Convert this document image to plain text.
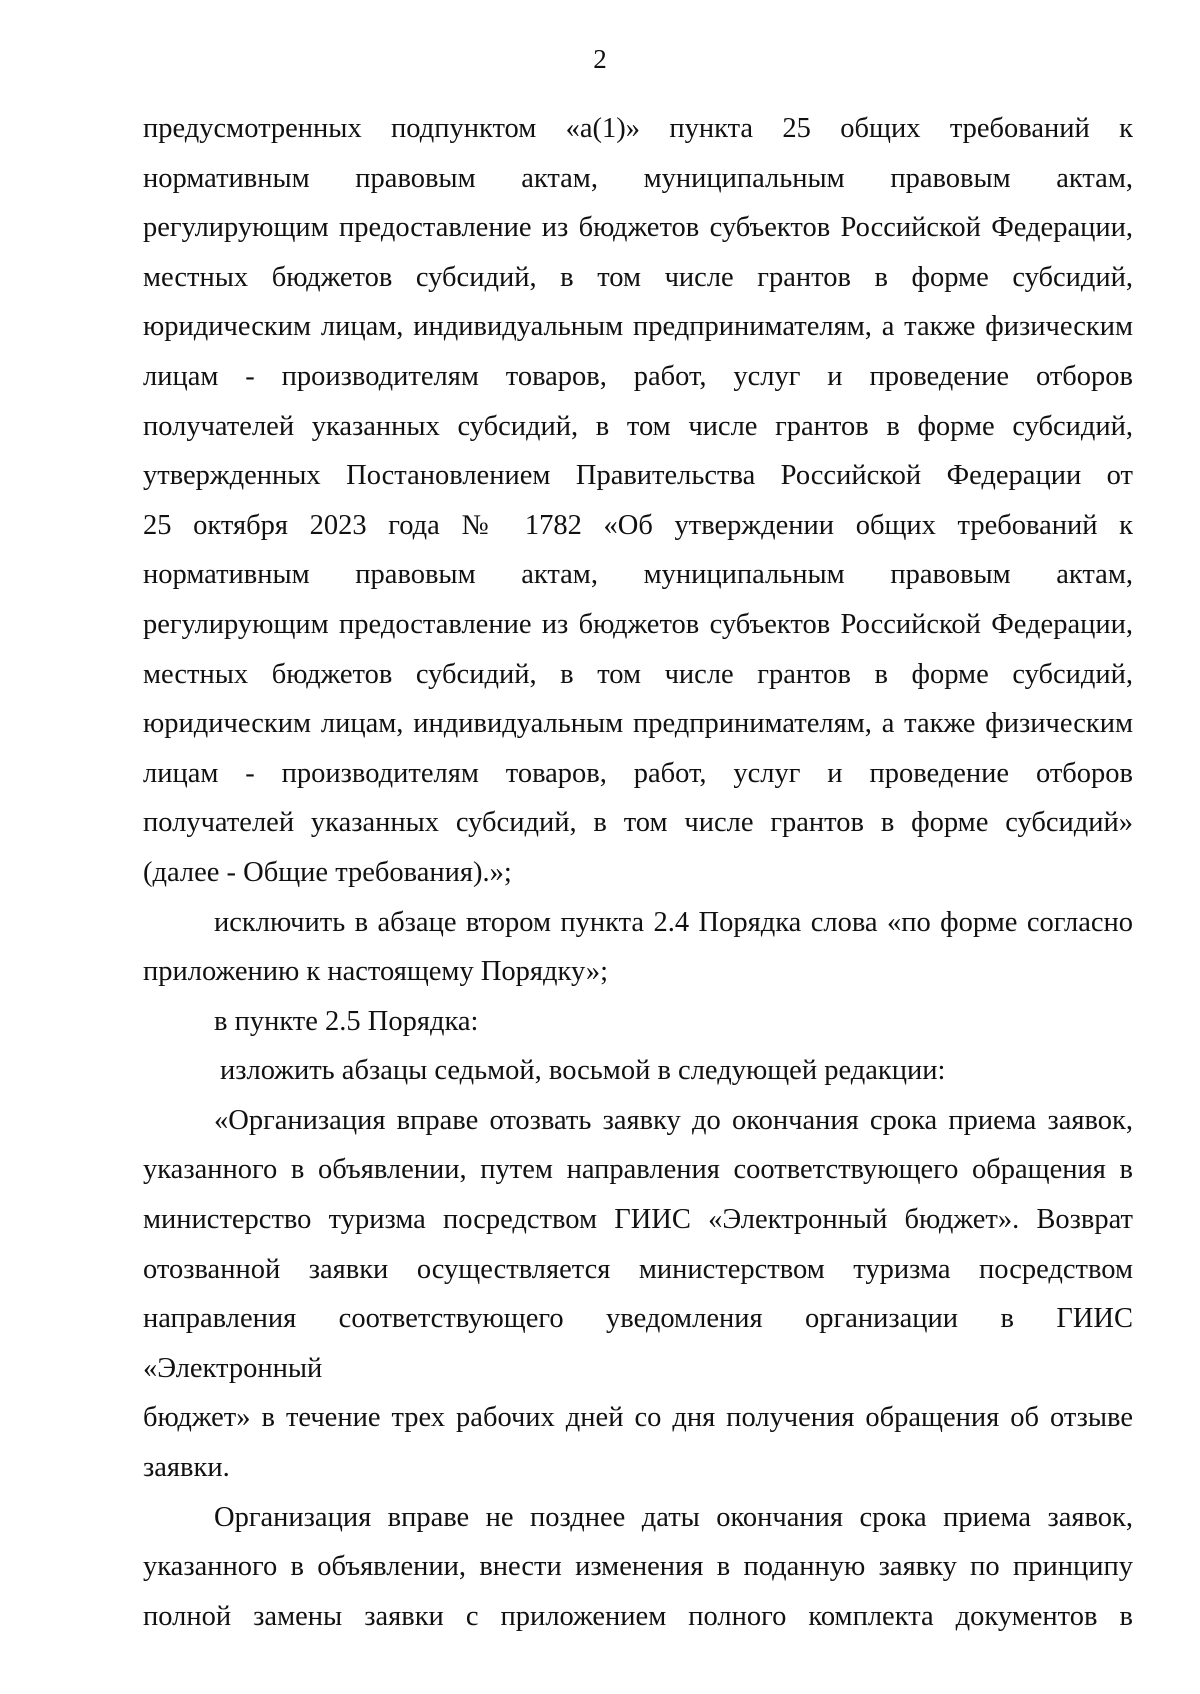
2
предусмотренных подпунктом «а(1)» пункта 25 общих требований к
нормативным правовым актам, муниципальным правовым актам,
регулирующим предоставление из бюджетов субъектов Российской Федерации,
местных бюджетов субсидий, в том числе грантов в форме субсидий,
юридическим лицам, индивидуальным предпринимателям, а также физическим
лицам - производителям товаров, работ, услуг и проведение отборов
получателей указанных субсидий, в том числе грантов в форме субсидий,
утвержденных Постановлением Правительства Российской Федерации от
25 октября 2023 года № 1782 «Об утверждении общих требований к
нормативным правовым актам, муниципальным правовым актам,
регулирующим предоставление из бюджетов субъектов Российской Федерации,
местных бюджетов субсидий, в том числе грантов в форме субсидий,
юридическим лицам, индивидуальным предпринимателям, а также физическим
лицам - производителям товаров, работ, услуг и проведение отборов
получателей указанных субсидий, в том числе грантов в форме субсидий»
(далее - Общие требования).»;
исключить в абзаце втором пункта 2.4 Порядка слова «по форме согласно
приложению к настоящему Порядку»;
в пункте 2.5 Порядка:
изложить абзацы седьмой, восьмой в следующей редакции:
«Организация вправе отозвать заявку до окончания срока приема заявок,
указанного в объявлении, путем направления соответствующего обращения в
министерство туризма посредством ГИИС «Электронный бюджет». Возврат
отозванной заявки осуществляется министерством туризма посредством
направления соответствующего уведомления организации в ГИИС «Электронный
бюджет» в течение трех рабочих дней со дня получения обращения об отзыве
заявки.
Организация вправе не позднее даты окончания срока приема заявок,
указанного в объявлении, внести изменения в поданную заявку по принципу
полной замены заявки с приложением полного комплекта документов в
